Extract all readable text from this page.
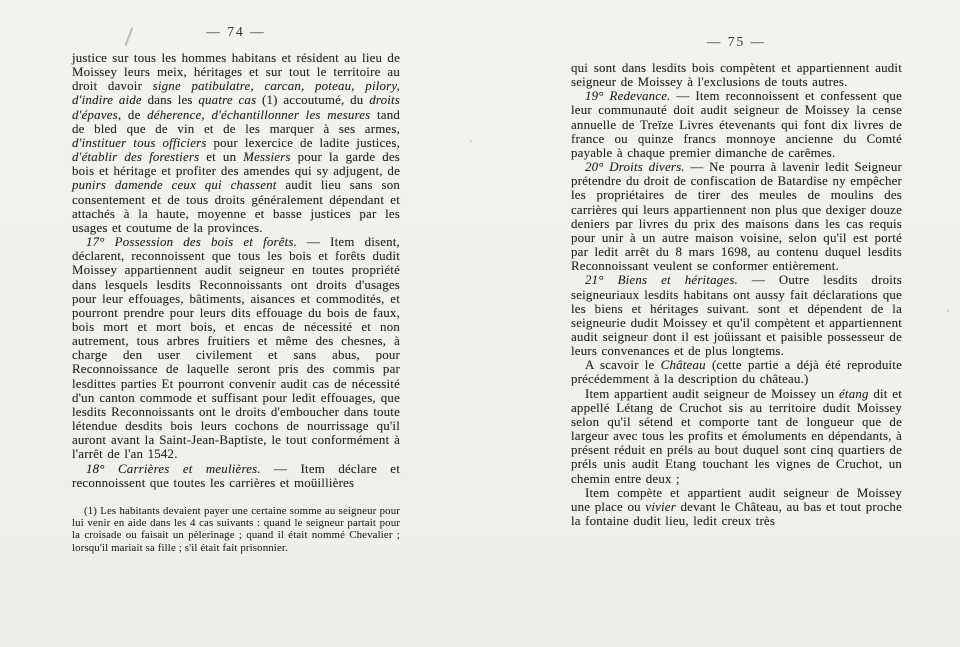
— 74 —

justice sur tous les hommes habitans et résident au lieu de Moissey leurs meix, héritages et sur tout le territoire au droit davoir signe patibulatre, carcan, poteau, pilory, d'indire aide dans les quatre cas (1) accoutumé, du droits d'épaves, de déherence, d'échantillonner les mesures tand de bled que de vin et de les marquer à ses armes, d'instituer tous officiers pour lexercice de ladite justices, d'établir des forestiers et un Messiers pour la garde des bois et héritage et profiter des amendes qui sy adjugent, de punirs damende ceux qui chassent audit lieu sans son consentement et de tous droits généralement dépendant et attachés à la haute, moyenne et basse justices par les usages et coutume de la provinces.

17° Possession des bois et forêts. — Item disent, déclarent, reconnoissent que tous les bois et forêts dudit Moissey appartiennent audit seigneur en toutes propriété dans lesquels lesdits Reconnoissants ont droits d'usages pour leur effouages, bâtiments, aisances et commodités, et pourront prendre pour leurs dits effouage du bois de faux, bois mort et mort bois, et encas de nécessité et non autrement, tous arbres fruitiers et même des chesnes, à charge den user civilement et sans abus, pour Reconnoissance de laquelle seront pris des commis par lesdittes parties Et pourront convenir audit cas de nécessité d'un canton commode et suffisant pour ledit effouages, que lesdits Reconnoissants ont le droits d'emboucher dans toute létendue desdits bois leurs cochons de nourrissage qu'il auront avant la Saint-Jean-Baptiste, le tout conformément à l'arrêt de l'an 1542.

18° Carrières et meulières. — Item déclare et reconnoissent que toutes les carrières et moüillières

(1) Les habitants devaient payer une certaine somme au seigneur pour lui venir en aide dans les 4 cas suivants : quand le seigneur partait pour la croisade ou faisait un pèlerinage ; quand il était nommé Chevalier ; lorsqu'il mariait sa fille ; s'il était fait prisonnier.

— 75 —

qui sont dans lesdits bois compètent et appartiennent audit seigneur de Moissey à l'exclusions de touts autres.

19° Redevance. — Item reconnoissent et confessent que leur communauté doit audit seigneur de Moissey la cense annuelle de Treïze Livres étevenants qui font dix livres de france ou quinze francs monnoye ancienne du Comté payable à chaque premier dimanche de carêmes.

20° Droits divers. — Ne pourra à lavenir ledit Seigneur prétendre du droit de confiscation de Batardise ny empêcher les propriétaires de tirer des meules de moulins des carrières qui leurs appartiennent non plus que dexiger douze deniers par livres du prix des maisons dans les cas requis pour unir à un autre maison voisine, selon qu'il est porté par ledit arrêt du 8 mars 1698, au contenu duquel lesdits Reconnoissant veulent se conformer entièrement.

21° Biens et héritages. — Outre lesdits droits seigneuriaux lesdits habitans ont aussy fait déclarations que les biens et héritages suivant. sont et dépendent de la seigneurie dudit Moissey et qu'il compètent et appartiennent audit seigneur dont il est joüissant et paisible possesseur de leurs convenances et de plus longtems.

A scavoir le Château (cette partie a déjà été reproduite précédemment à la description du château.)

Item appartient audit seigneur de Moissey un étang dit et appellé Létang de Cruchot sis au territoire dudit Moissey selon qu'il sétend et comporte tant de longueur que de largeur avec tous les profits et émoluments en dépendants, à présent réduit en préls au bout duquel sont cinq quartiers de préls unis audit Etang touchant les vignes de Cruchot, un chemin entre deux ;

Item compète et appartient audit seigneur de Moissey une place ou vivier devant le Château, au bas et tout proche la fontaine dudit lieu, ledit creux très
